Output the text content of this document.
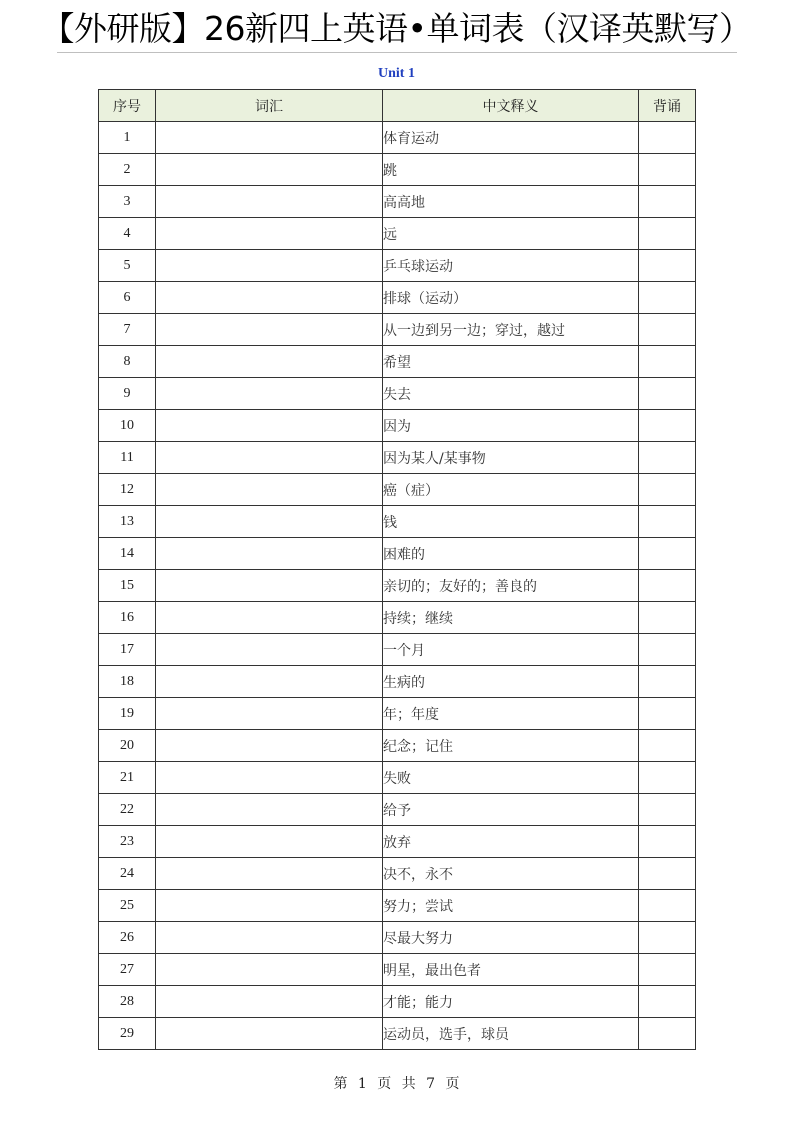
【外研版】26新四上英语•单词表（汉译英默写）
Unit 1
序号	词汇	中文释义	背诵
1		体育运动	
2		跳	
3		高高地	
4		远	
5		乒乓球运动	
6		排球（运动）	
7		从一边到另一边；穿过，越过	
8		希望	
9		失去	
10		因为	
11		因为某人/某事物	
12		癌（症）	
13		钱	
14		困难的	
15		亲切的；友好的；善良的	
16		持续；继续	
17		一个月	
18		生病的	
19		年；年度	
20		纪念；记住	
21		失败	
22		给予	
23		放弃	
24		决不，永不	
25		努力；尝试	
26		尽最大努力	
27		明星，最出色者	
28		才能；能力	
29		运动员，选手，球员	
第 1 页 共 7 页
